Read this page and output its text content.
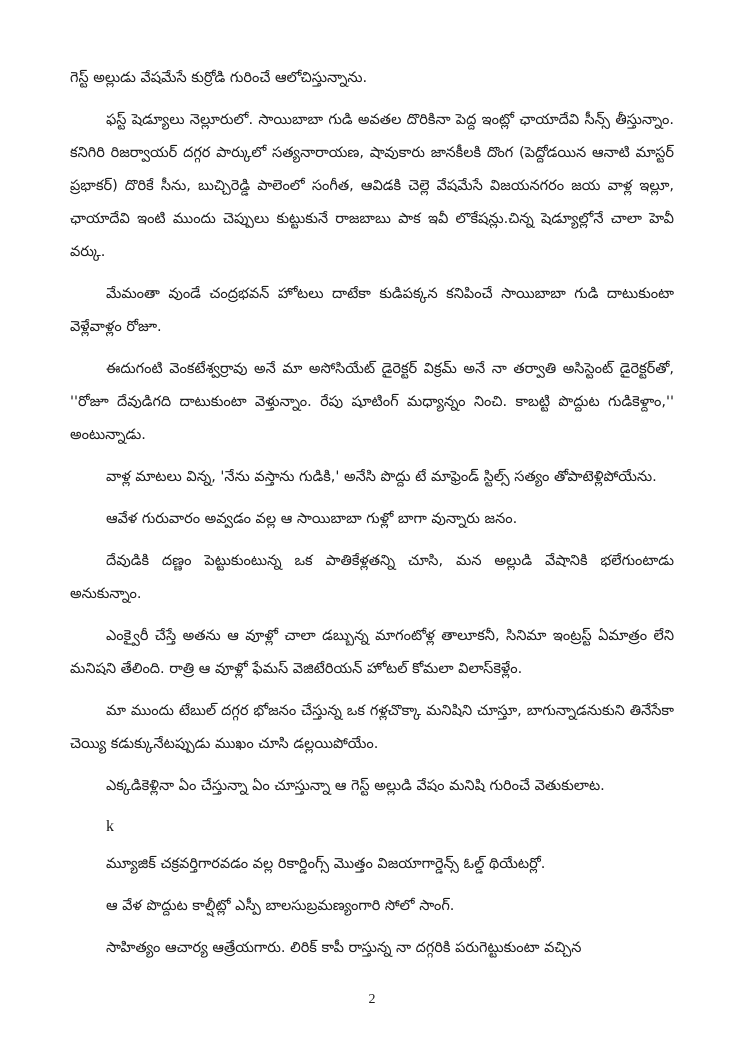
గెస్ట్ అల్లుడు వేషమేసే కుర్రోడి గురించే ఆలోచిస్తున్నాను.

ఫస్ట్ షెడ్యూలు నెల్లూరులో. సాయిబాబా గుడి అవతల దొరికినా పెద్ద ఇంట్లో ఛాయాదేవి సీన్స్ తీస్తున్నాం. కనిగిరి రిజర్వాయర్ దగ్గర పార్కులో సత్యనారాయణ, షావుకారు జానకీలకి దొంగ (పెద్దోడయిన ఆనాటి మాస్టర్ ప్రభాకర్) దొరికే సీను, బుచ్చిరెడ్డి పాలెంలో సంగీత, ఆవిడకి చెల్లె వేషమేసే విజయనగరం జయ వాళ్ల ఇల్లూ, ఛాయాదేవి ఇంటి ముందు చెప్పులు కుట్టుకునే రాజబాబు పాక ఇవీ లొకేషన్లు.చిన్న షెడ్యూల్లోనే చాలా హెవీ వర్కు.

మేమంతా వుండే చంద్రభవన్ హోటలు దాటేకా కుడిపక్కన కనిపించే సాయిబాబా గుడి దాటుకుంటా వెళ్లేవాళ్లం రోజూ.

ఈదుగంటి వెంకటేశ్వర్రావు అనే మా అసోసియేట్ డైరెక్టర్ విక్రమ్ అనే నా తర్వాతి అసిస్టెంట్ డైరెక్టర్‌తో, ''రోజూ దేవుడిగది దాటుకుంటా వెళ్తున్నాం. రేపు షూటింగ్ మధ్యాన్నం నించి. కాబట్టి పొద్దుట గుడికెళ్దాం,'' అంటున్నాడు.

వాళ్ల మాటలు విన్న, 'నేను వస్తాను గుడికి,' అనేసి పొద్దు టే మాఫ్రెండ్ స్టిల్స్ సత్యం తోపాటెళ్లిపోయేను.

ఆవేళ గురువారం అవ్వడం వల్ల ఆ సాయిబాబా గుళ్లో బాగా వున్నారు జనం.

దేవుడికి దణ్ణం పెట్టుకుంటున్న ఒక పాతికేళ్లతన్ని చూసి, మన అల్లుడి వేషానికి భలేగుంటాడు అనుకున్నాం.

ఎంక్వైరీ చేస్తే అతను ఆ వూళ్లో చాలా డబ్బున్న మాగంటోళ్ల తాలూకనీ, సినిమా ఇంట్రస్ట్ ఏమాత్రం లేని మనిషని తేలింది. రాత్రి ఆ వూళ్లో ఫేమస్ వెజిటేరియన్ హోటల్ కోమలా విలాస్‌కెళ్లేం.

మా ముందు టేబుల్ దగ్గర భోజనం చేస్తున్న ఒక గళ్లచొక్కా మనిషిని చూస్తూ, బాగున్నాడనుకుని తినేసేకా చెయ్యి కడుక్కునేటప్పుడు ముఖం చూసి డల్లయిపోయేం.

ఎక్కడికెళ్లినా ఏం చేస్తున్నా ఏం చూస్తున్నా ఆ గెస్ట్ అల్లుడి వేషం మనిషి గురించే వెతుకులాట.

k

మ్యూజిక్ చక్రవర్తిగారవడం వల్ల రికార్డింగ్స్ మొత్తం విజయాగార్డెన్స్ ఓల్డ్ థియేటర్లో.

ఆ వేళ పొద్దుట కాల్షీట్లో ఎస్పీ బాలసుబ్రమణ్యంగారి సోలో సాంగ్.

సాహిత్యం ఆచార్య ఆత్రేయగారు. లిరిక్ కాపీ రాస్తున్న నా దగ్గరికి పరుగెట్టుకుంటా వచ్చిన

2
